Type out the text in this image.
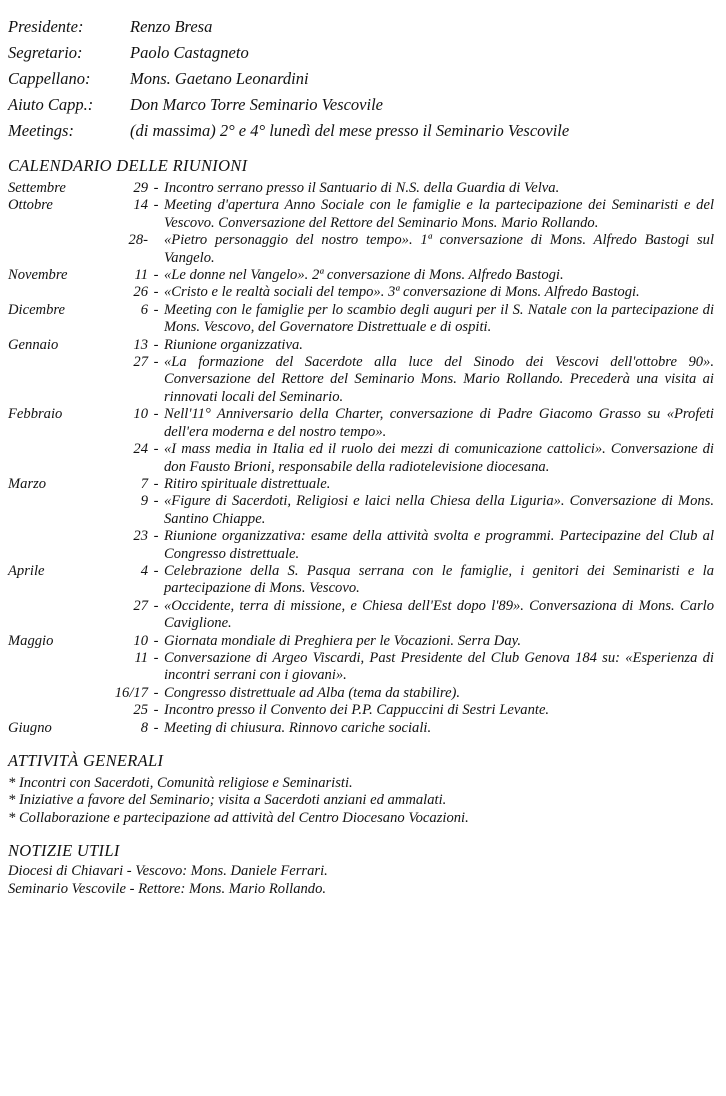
Presidente:	Renzo Bresa
Segretario:	Paolo Castagneto
Cappellano:	Mons. Gaetano Leonardini
Aiuto Capp.:	Don Marco Torre Seminario Vescovile
Meetings:	(di massima) 2° e 4° lunedì del mese presso il Seminario Vescovile
CALENDARIO DELLE RIUNIONI
Settembre	29 - Incontro serrano presso il Santuario di N.S. della Guardia di Velva.
Ottobre	14 - Meeting d'apertura Anno Sociale con le famiglie e la partecipazione dei Seminaristi e del Vescovo. Conversazione del Rettore del Seminario Mons. Mario Rollando.
28- «Pietro personaggio del nostro tempo». 1ª conversazione di Mons. Alfredo Bastogi sul Vangelo.
Novembre	11 - «Le donne nel Vangelo». 2ª conversazione di Mons. Alfredo Bastogi.
26 - «Cristo e le realtà sociali del tempo». 3ª conversazione di Mons. Alfredo Bastogi.
Dicembre	6 - Meeting con le famiglie per lo scambio degli auguri per il S. Natale con la partecipazione di Mons. Vescovo, del Governatore Distrettuale e di ospiti.
Gennaio	13 - Riunione organizzativa.
27 - «La formazione del Sacerdote alla luce del Sinodo dei Vescovi dell'ottobre 90». Conversazione del Rettore del Seminario Mons. Mario Rollando. Precederà una visita ai rinnovati locali del Seminario.
Febbraio	10 - Nell'11° Anniversario della Charter, conversazione di Padre Giacomo Grasso su «Profeti dell'era moderna e del nostro tempo».
24 - «I mass media in Italia ed il ruolo dei mezzi di comunicazione cattolici». Conversazione di don Fausto Brioni, responsabile della radiotelevisione diocesana.
Marzo	7 - Ritiro spirituale distrettuale.
9 - «Figure di Sacerdoti, Religiosi e laici nella Chiesa della Liguria». Conversazione di Mons. Santino Chiappe.
23 - Riunione organizzativa: esame della attività svolta e programmi. Partecipazine del Club al Congresso distrettuale.
Aprile	4 - Celebrazione della S. Pasqua serrana con le famiglie, i genitori dei Seminaristi e la partecipazione di Mons. Vescovo.
27 - «Occidente, terra di missione, e Chiesa dell'Est dopo l'89». Conversaziona di Mons. Carlo Caviglione.
Maggio	10 - Giornata mondiale di Preghiera per le Vocazioni. Serra Day.
11 - Conversazione di Argeo Viscardi, Past Presidente del Club Genova 184 su: «Esperienza di incontri serrani con i giovani».
16/17 - Congresso distrettuale ad Alba (tema da stabilire).
25 - Incontro presso il Convento dei P.P. Cappuccini di Sestri Levante.
Giugno	8 - Meeting di chiusura. Rinnovo cariche sociali.
ATTIVITÀ GENERALI
* Incontri con Sacerdoti, Comunità religiose e Seminaristi.
* Iniziative a favore del Seminario; visita a Sacerdoti anziani ed ammalati.
* Collaborazione e partecipazione ad attività del Centro Diocesano Vocazioni.
NOTIZIE UTILI
Diocesi di Chiavari - Vescovo: Mons. Daniele Ferrari.
Seminario Vescovile - Rettore: Mons. Mario Rollando.
